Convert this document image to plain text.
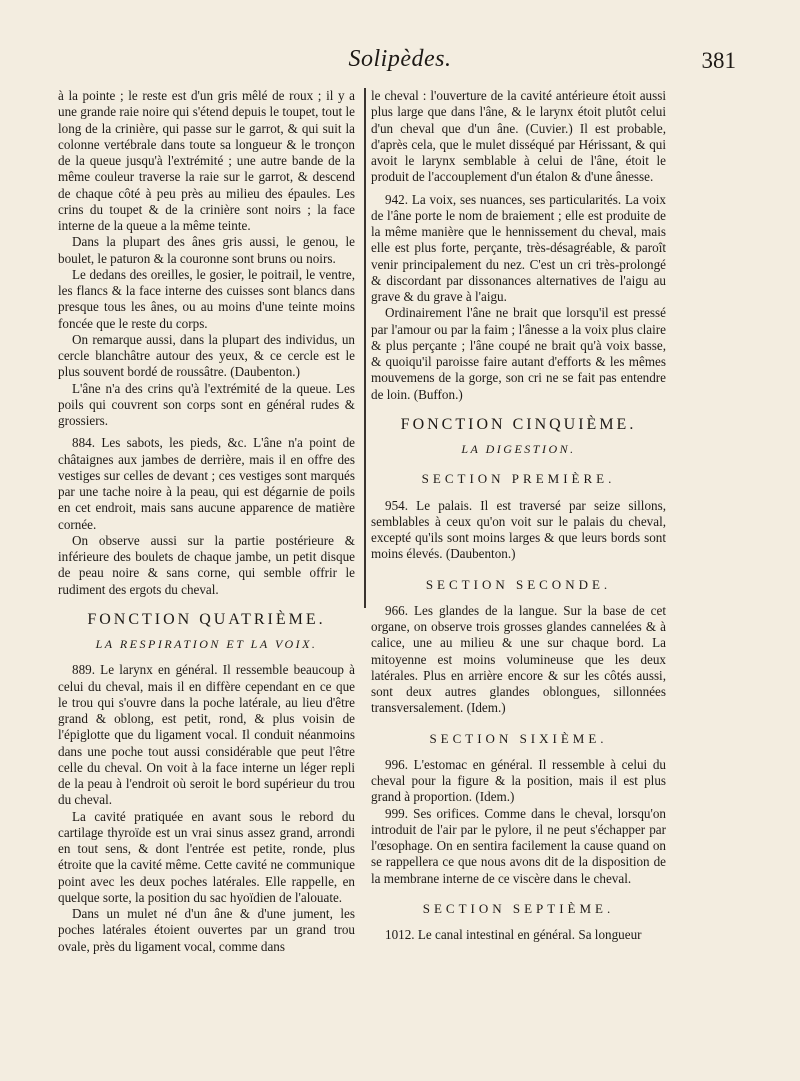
Solipèdes.	381

à la pointe ; le reste est d'un gris mêlé de roux ; il y a une grande raie noire qui s'étend depuis le toupet, tout le long de la crinière, qui passe sur le garrot, & qui suit la colonne vertébrale dans toute sa longueur & le tronçon de la queue jusqu'à l'extrémité ; une autre bande de la même couleur traverse la raie sur le garrot, & descend de chaque côté à peu près au milieu des épaules. Les crins du toupet & de la crinière sont noirs ; la face interne de la queue a la même teinte.

Dans la plupart des ânes gris aussi, le genou, le boulet, le paturon & la couronne sont bruns ou noirs.

Le dedans des oreilles, le gosier, le poitrail, le ventre, les flancs & la face interne des cuisses sont blancs dans presque tous les ânes, ou au moins d'une teinte moins foncée que le reste du corps.

On remarque aussi, dans la plupart des individus, un cercle blanchâtre autour des yeux, & ce cercle est le plus souvent bordé de roussâtre. (Daubenton.)

L'âne n'a des crins qu'à l'extrémité de la queue. Les poils qui couvrent son corps sont en général rudes & grossiers.

884. Les sabots, les pieds, &c. L'âne n'a point de châtaignes aux jambes de derrière, mais il en offre des vestiges sur celles de devant ; ces vestiges sont marqués par une tache noire à la peau, qui est dégarnie de poils en cet endroit, mais sans aucune apparence de matière cornée.

On observe aussi sur la partie postérieure & inférieure des boulets de chaque jambe, un petit disque de peau noire & sans corne, qui semble offrir le rudiment des ergots du cheval.

FONCTION QUATRIÈME.
LA RESPIRATION ET LA VOIX.

889. Le larynx en général. Il ressemble beaucoup à celui du cheval, mais il en diffère cependant en ce que le trou qui s'ouvre dans la poche latérale, au lieu d'être grand & oblong, est petit, rond, & plus voisin de l'épiglotte que du ligament vocal. Il conduit néanmoins dans une poche tout aussi considérable que peut l'être celle du cheval. On voit à la face interne un léger repli de la peau à l'endroit où seroit le bord supérieur du trou du cheval.

La cavité pratiquée en avant sous le rebord du cartilage thyroïde est un vrai sinus assez grand, arrondi en tout sens, & dont l'entrée est petite, ronde, plus étroite que la cavité même. Cette cavité ne communique point avec les deux poches latérales. Elle rappelle, en quelque sorte, la position du sac hyoïdien de l'alouate.

Dans un mulet né d'un âne & d'une jument, les poches latérales étoient ouvertes par un grand trou ovale, près du ligament vocal, comme dans

le cheval : l'ouverture de la cavité antérieure étoit aussi plus large que dans l'âne, & le larynx étoit plutôt celui d'un cheval que d'un âne. (Cuvier.) Il est probable, d'après cela, que le mulet disséqué par Hérissant, & qui avoit le larynx semblable à celui de l'âne, étoit le produit de l'accouplement d'un étalon & d'une ânesse.

942. La voix, ses nuances, ses particularités. La voix de l'âne porte le nom de braiement ; elle est produite de la même manière que le hennissement du cheval, mais elle est plus forte, perçante, très-désagréable, & paroît venir principalement du nez. C'est un cri très-prolongé & discordant par dissonances alternatives de l'aigu au grave & du grave à l'aigu.

Ordinairement l'âne ne brait que lorsqu'il est pressé par l'amour ou par la faim ; l'ânesse a la voix plus claire & plus perçante ; l'âne coupé ne brait qu'à voix basse, & quoiqu'il paroisse faire autant d'efforts & les mêmes mouvemens de la gorge, son cri ne se fait pas entendre de loin. (Buffon.)

FONCTION CINQUIÈME.
LA DIGESTION.
SECTION PREMIÈRE.

954. Le palais. Il est traversé par seize sillons, semblables à ceux qu'on voit sur le palais du cheval, excepté qu'ils sont moins larges & que leurs bords sont moins élevés. (Daubenton.)

SECTION SECONDE.

966. Les glandes de la langue. Sur la base de cet organe, on observe trois grosses glandes cannelées & à calice, une au milieu & une sur chaque bord. La mitoyenne est moins volumineuse que les deux latérales. Plus en arrière encore & sur les côtés aussi, sont deux autres glandes oblongues, sillonnées transversalement. (Idem.)

SECTION SIXIÈME.

996. L'estomac en général. Il ressemble à celui du cheval pour la figure & la position, mais il est plus grand à proportion. (Idem.)

999. Ses orifices. Comme dans le cheval, lorsqu'on introduit de l'air par le pylore, il ne peut s'échapper par l'œsophage. On en sentira facilement la cause quand on se rappellera ce que nous avons dit de la disposition de la membrane interne de ce viscère dans le cheval.

SECTION SEPTIÈME.

1012. Le canal intestinal en général. Sa longueur
